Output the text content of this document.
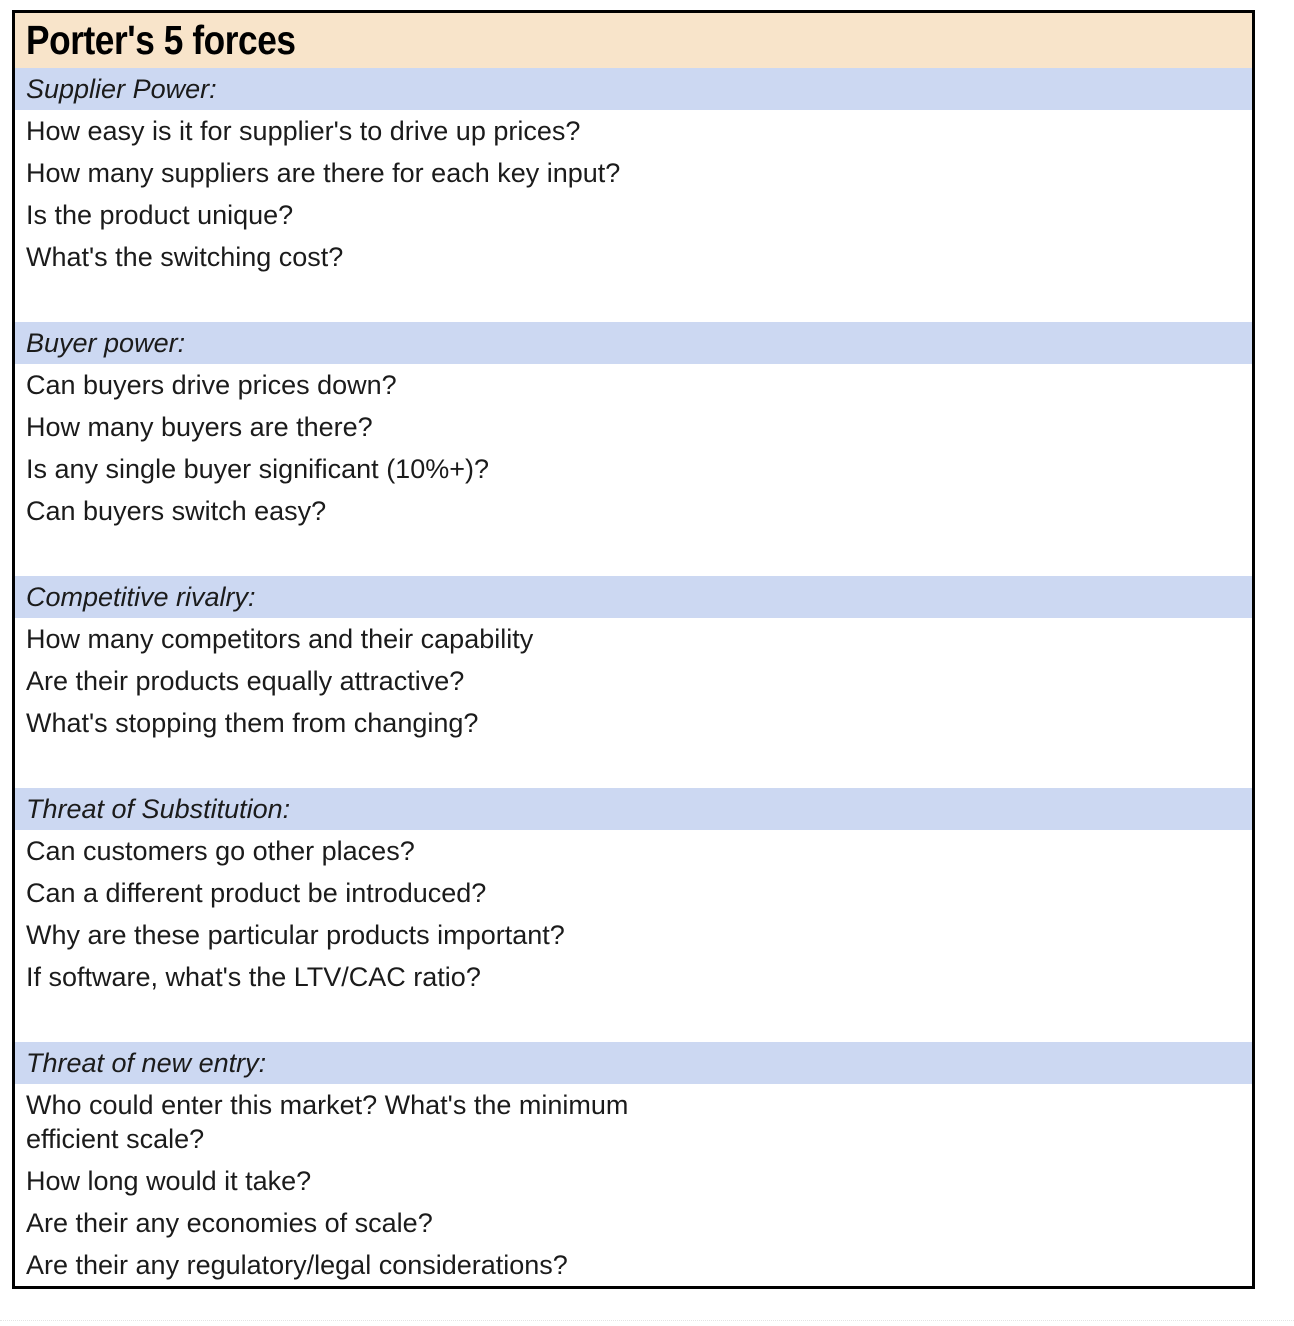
Porter's 5 forces
Supplier Power:
How easy is it for supplier's to drive up prices?
How many suppliers are there for each key input?
Is the product unique?
What's the switching cost?
Buyer power:
Can buyers drive prices down?
How many buyers are there?
Is any single buyer significant (10%+)?
Can buyers switch easy?
Competitive rivalry:
How many competitors and their capability
Are their products equally attractive?
What's stopping them from changing?
Threat of Substitution:
Can customers go other places?
Can a different product be introduced?
Why are these particular products important?
If software, what's the LTV/CAC ratio?
Threat of new entry:
Who could enter this market? What's the minimum efficient scale?
How long would it take?
Are their any economies of scale?
Are their any regulatory/legal considerations?
